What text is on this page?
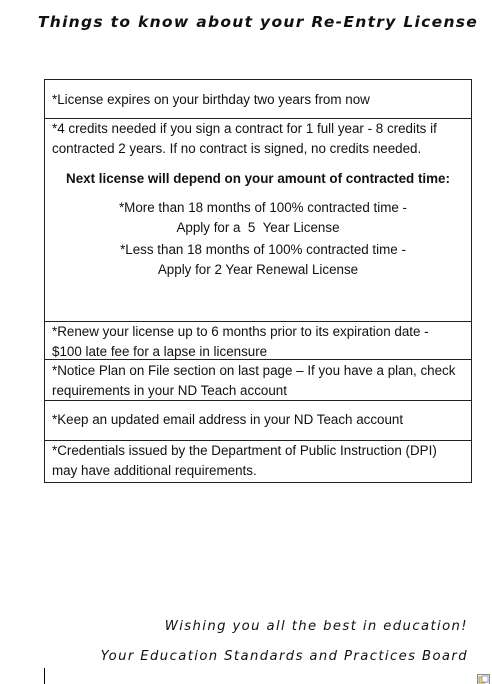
Things to know about your Re-Entry License
*License expires on your birthday two years from now
*4 credits needed if you sign a contract for 1 full year - 8 credits if
contracted 2 years. If no contract is signed, no credits needed.
Next license will depend on your amount of contracted time:
*More than 18 months of 100% contracted time -
Apply for a  5  Year License
*Less than 18 months of 100% contracted time -
Apply for 2 Year Renewal License
*Renew your license up to 6 months prior to its expiration date -
$100 late fee for a lapse in licensure
*Notice Plan on File section on last page – If you have a plan, check
requirements in your ND Teach account
*Keep an updated email address in your ND Teach account
*Credentials issued by the Department of Public Instruction (DPI)
may have additional requirements.
Wishing you all the best in education!
Your Education Standards and Practices Board
